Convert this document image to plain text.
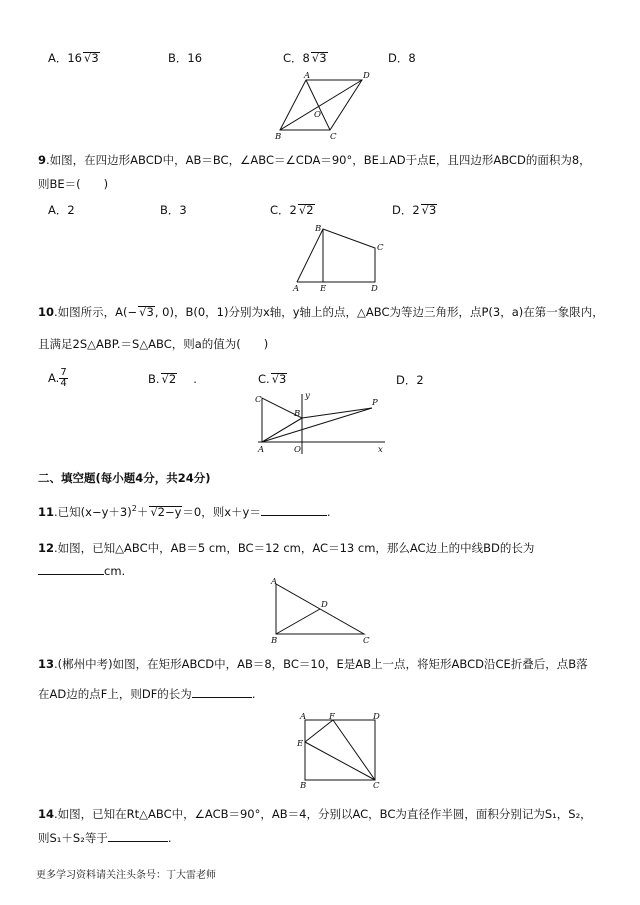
A．16√ 3	B．16	C．8√ 3	D．8
A	D
O
B	C
9.如图，在四边形ABCD中，AB＝BC，∠ABC＝∠CDA＝90°，BE⊥AD于点E，且四边形ABCD的面积为8，
则BE＝(　　)
A．2	B．3	C．2√ 2	D．2√ 3
B
C
A E	D
10.如图所示，A(−√ 3, 0)，B(0，1)分别为x轴，y轴上的点，△ABC为等边三角形，点P(3，a)在第一象限内，
且满足2S△ABP.＝S△ABC，则a的值为(　　)
A. $\frac{7}{4}$	B.√ 2 .	C.√ 3	D．2
C
B
A	O
P
y
x
二、填空题(每小题4分，共24分)
11.已知$(x-y+3)^2+√$ 2−y＝0，则x＋y＝	.
12.如图，已知△ABC中，AB＝5 cm，BC＝12 cm，AC＝13 cm，那么AC边上的中线BD的长为
cm.
A
D
B	C
13.(郴州中考)如图，在矩形ABCD中，AB＝8，BC＝10，E是AB上一点，将矩形ABCD沿CE折叠后，点B落
在AD边的点F上，则DF的长为	.
A	F	D
E
B	C
14.如图，已知在Rt△ABC中，∠ACB＝90°，AB＝4，分别以AC，BC为直径作半圆，面积分别记为S₁，S₂，
则S₁＋S₂等于	.
更多学习资料请关注头条号：丁大雷老师
